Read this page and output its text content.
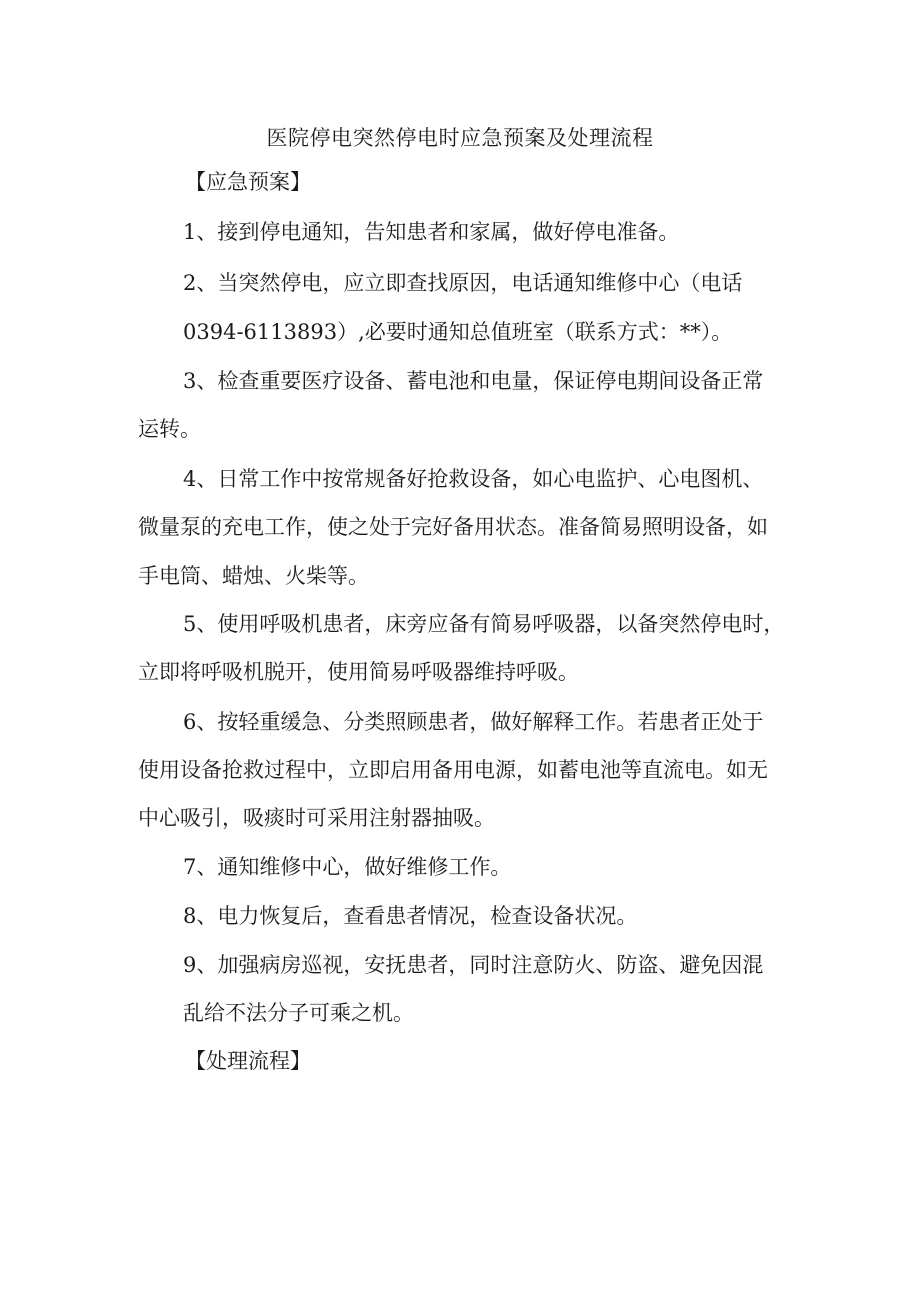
医院停电突然停电时应急预案及处理流程

【应急预案】

1、接到停电通知，告知患者和家属，做好停电准备。

2、当突然停电，应立即查找原因，电话通知维修中心（电话

0394-6113893）,必要时通知总值班室（联系方式：**）。

3、检查重要医疗设备、蓄电池和电量，保证停电期间设备正常

运转。

4、日常工作中按常规备好抢救设备，如心电监护、心电图机、

微量泵的充电工作，使之处于完好备用状态。准备简易照明设备，如

手电筒、蜡烛、火柴等。

5、使用呼吸机患者，床旁应备有简易呼吸器，以备突然停电时，

立即将呼吸机脱开，使用简易呼吸器维持呼吸。

6、按轻重缓急、分类照顾患者，做好解释工作。若患者正处于

使用设备抢救过程中，立即启用备用电源，如蓄电池等直流电。如无

中心吸引，吸痰时可采用注射器抽吸。

7、通知维修中心，做好维修工作。

8、电力恢复后，查看患者情况，检查设备状况。

9、加强病房巡视，安抚患者，同时注意防火、防盗、避免因混

乱给不法分子可乘之机。

【处理流程】
